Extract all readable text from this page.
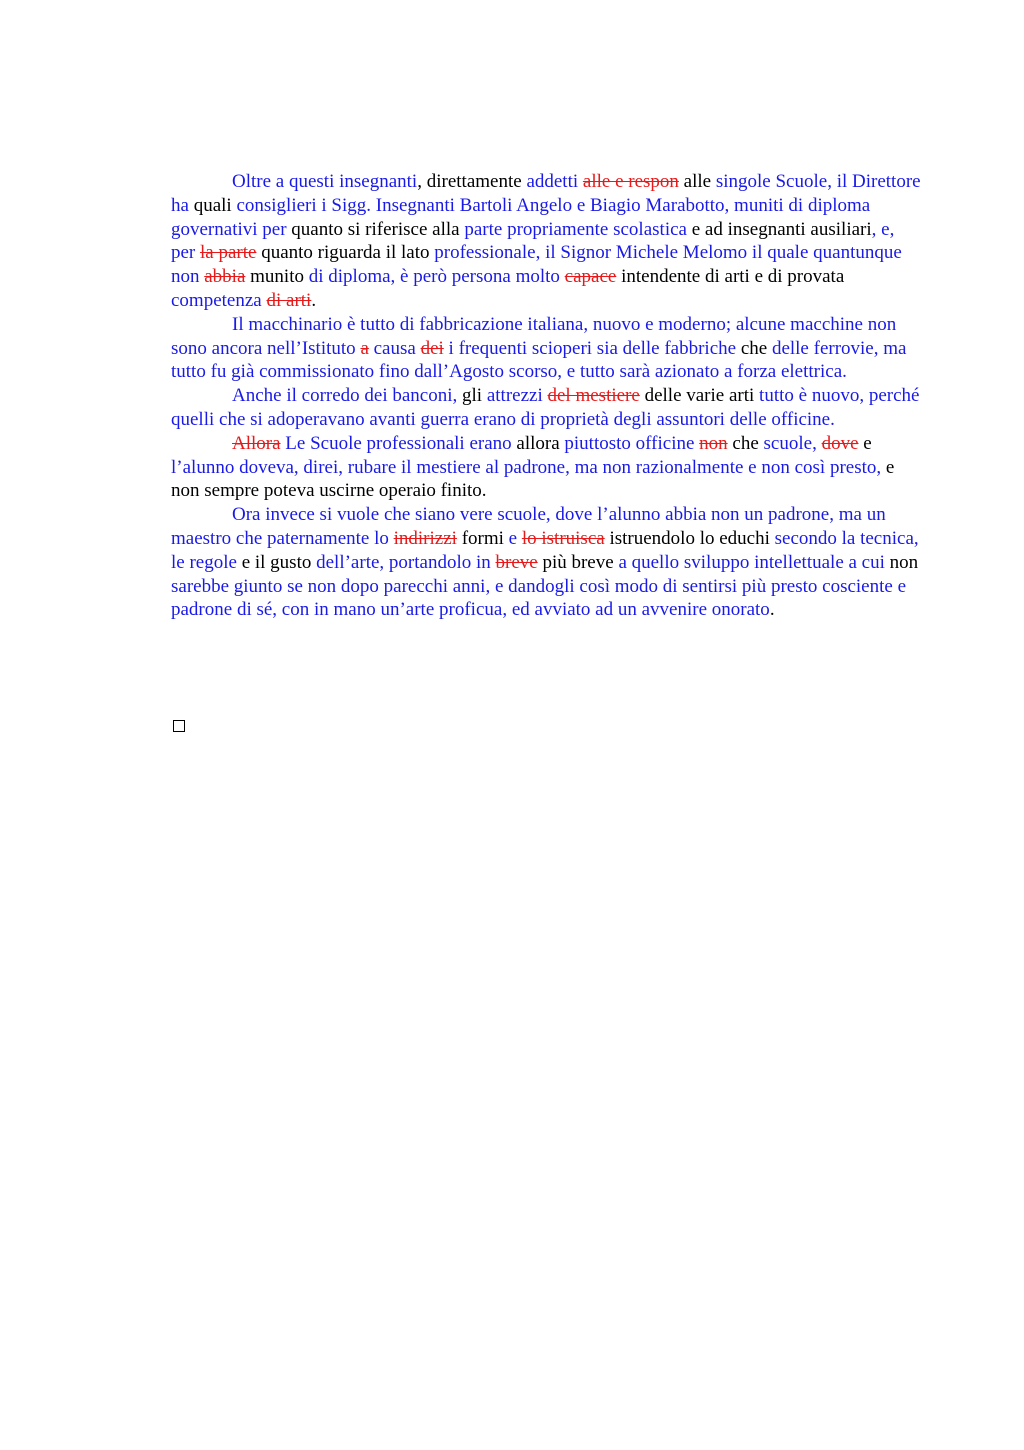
Oltre a questi insegnanti, direttamente addetti alle e respon alle singole Scuole, il Direttore ha quali consiglieri i Sigg. Insegnanti Bartoli Angelo e Biagio Marabotto, muniti di diploma governativi per quanto si riferisce alla parte propriamente scolastica e ad insegnanti ausiliari, e, per la parte quanto riguarda il lato professionale, il Signor Michele Melomo il quale quantunque non abbia munito di diploma, è però persona molto capace intendente di arti e di provata competenza di arti.

Il macchinario è tutto di fabbricazione italiana, nuovo e moderno; alcune macchine non sono ancora nell’Istituto a causa dei i frequenti scioperi sia delle fabbriche che delle ferrovie, ma tutto fu già commissionato fino dall’Agosto scorso, e tutto sarà azionato a forza elettrica.

Anche il corredo dei banconi, gli attrezzi del mestiere delle varie arti tutto è nuovo, perché quelli che si adoperavano avanti guerra erano di proprietà degli assuntori delle officine.

Allora Le Scuole professionali erano allora piuttosto officine non che scuole, dove e l’alunno doveva, direi, rubare il mestiere al padrone, ma non razionalmente e non così presto, e non sempre poteva uscirne operaio finito.

Ora invece si vuole che siano vere scuole, dove l’alunno abbia non un padrone, ma un maestro che paternamente lo indirizzi formi e lo istruisca istruendolo lo educhi secondo la tecnica, le regole e il gusto dell’arte, portandolo in breve più breve a quello sviluppo intellettuale a cui non sarebbe giunto se non dopo parecchi anni, e dandogli così modo di sentirsi più presto cosciente e padrone di sé, con in mano un’arte proficua, ed avviato ad un avvenire onorato.
